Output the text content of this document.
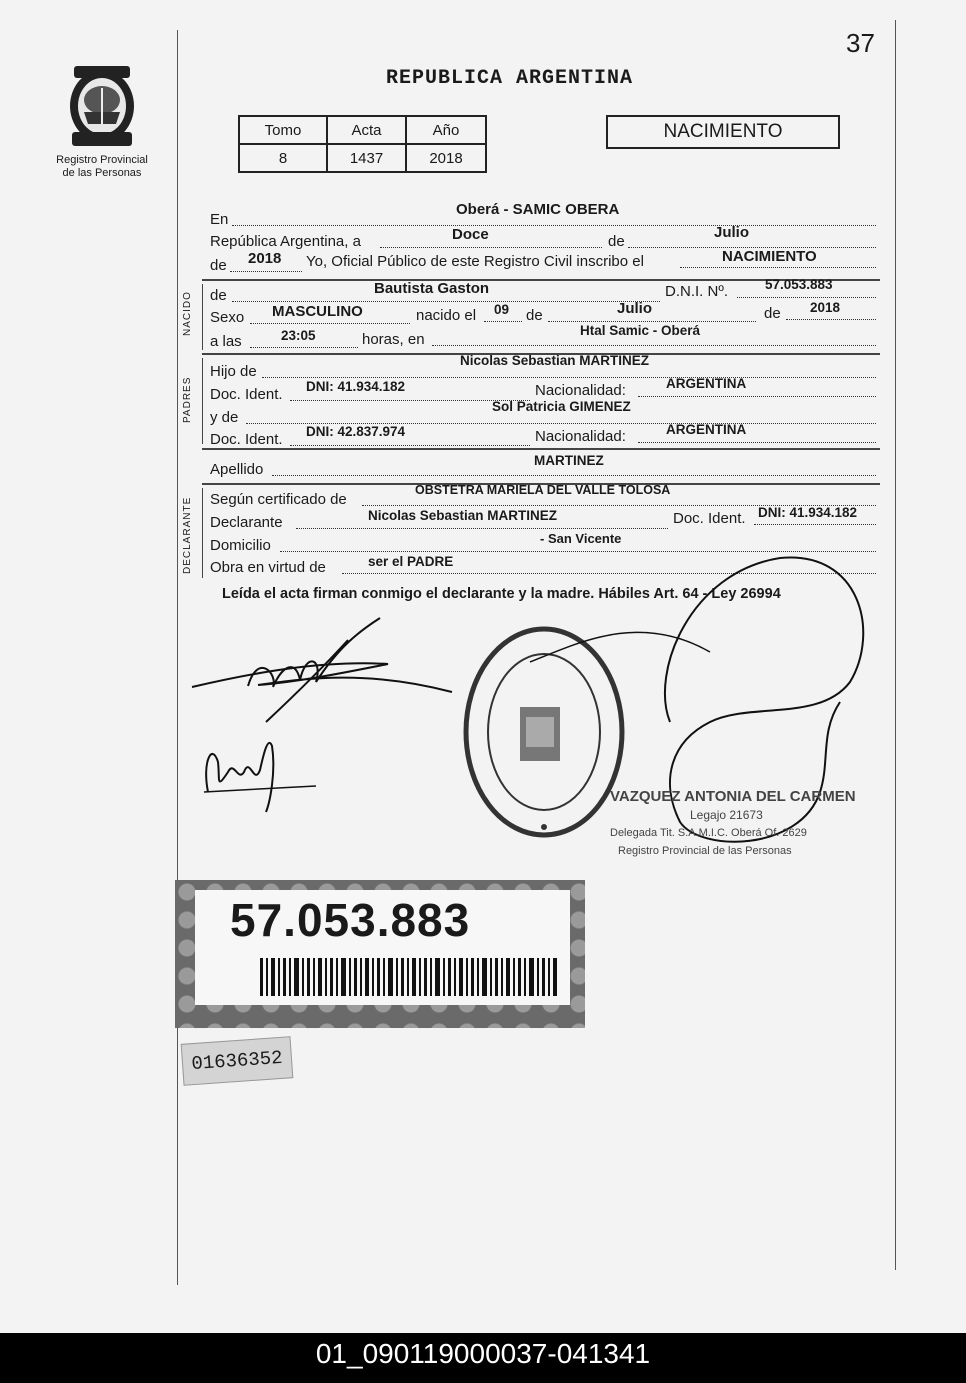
37
Registro Provincial
de las Personas
REPUBLICA ARGENTINA
Tomo	Acta	Año
8	1437	2018
NACIMIENTO
En
Oberá - SAMIC OBERA
República Argentina, a	Doce	de
Julio
de 2018 Yo, Oficial Público de este Registro Civil inscribo el	NACIMIENTO
NACIDO de	Bautista Gaston	D.N.I. Nº.	57.053.883
Sexo MASCULINO	nacido el 09 de	Julio	de 2018
a las	23:05	horas, en
Htal Samic - Oberá
PADRES
Hijo de
Nicolas Sebastian MARTINEZ
Doc. Ident. DNI: 41.934.182	Nacionalidad:	ARGENTINA
y de
Sol Patricia GIMENEZ
Doc. Ident. DNI: 42.837.974	Nacionalidad:	ARGENTINA
Apellido
MARTINEZ
DECLARANTE Según certificado de
OBSTETRA MARIELA DEL VALLE TOLOSA
Declarante	Nicolas Sebastian MARTINEZ	Doc. Ident. DNI: 41.934.182
Domicilio	- San Vicente
Obra en virtud de	ser el PADRE
Leída el acta firman conmigo el declarante y la madre. Hábiles Art. 64 - Ley 26994
VAZQUEZ ANTONIA DEL CARMEN
Legajo 21673
Delegada Tit. S.A.M.I.C. Oberá Of. 2629
Registro Provincial de las Personas
57.053.883
01636352
01_090119000037-041341
